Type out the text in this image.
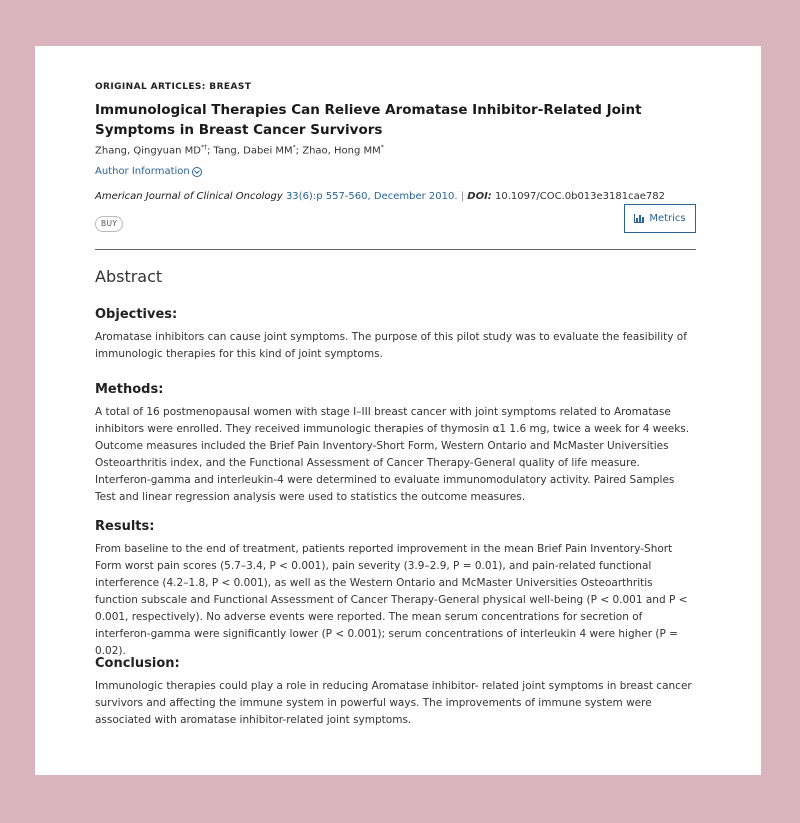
ORIGINAL ARTICLES: BREAST
Immunological Therapies Can Relieve Aromatase Inhibitor-Related Joint Symptoms in Breast Cancer Survivors
Zhang, Qingyuan MD*†; Tang, Dabei MM*; Zhao, Hong MM*
Author Information
American Journal of Clinical Oncology 33(6):p 557-560, December 2010. | DOI: 10.1097/COC.0b013e3181cae782
BUY	Metrics
Abstract
Objectives:
Aromatase inhibitors can cause joint symptoms. The purpose of this pilot study was to evaluate the feasibility of immunologic therapies for this kind of joint symptoms.
Methods:
A total of 16 postmenopausal women with stage I–III breast cancer with joint symptoms related to Aromatase inhibitors were enrolled. They received immunologic therapies of thymosin α1 1.6 mg, twice a week for 4 weeks. Outcome measures included the Brief Pain Inventory-Short Form, Western Ontario and McMaster Universities Osteoarthritis index, and the Functional Assessment of Cancer Therapy-General quality of life measure. Interferon-gamma and interleukin-4 were determined to evaluate immunomodulatory activity. Paired Samples Test and linear regression analysis were used to statistics the outcome measures.
Results:
From baseline to the end of treatment, patients reported improvement in the mean Brief Pain Inventory-Short Form worst pain scores (5.7–3.4, P < 0.001), pain severity (3.9–2.9, P = 0.01), and pain-related functional interference (4.2–1.8, P < 0.001), as well as the Western Ontario and McMaster Universities Osteoarthritis function subscale and Functional Assessment of Cancer Therapy-General physical well-being (P < 0.001 and P < 0.001, respectively). No adverse events were reported. The mean serum concentrations for secretion of interferon-gamma were significantly lower (P < 0.001); serum concentrations of interleukin 4 were higher (P = 0.02).
Conclusion:
Immunologic therapies could play a role in reducing Aromatase inhibitor- related joint symptoms in breast cancer survivors and affecting the immune system in powerful ways. The improvements of immune system were associated with aromatase inhibitor-related joint symptoms.
